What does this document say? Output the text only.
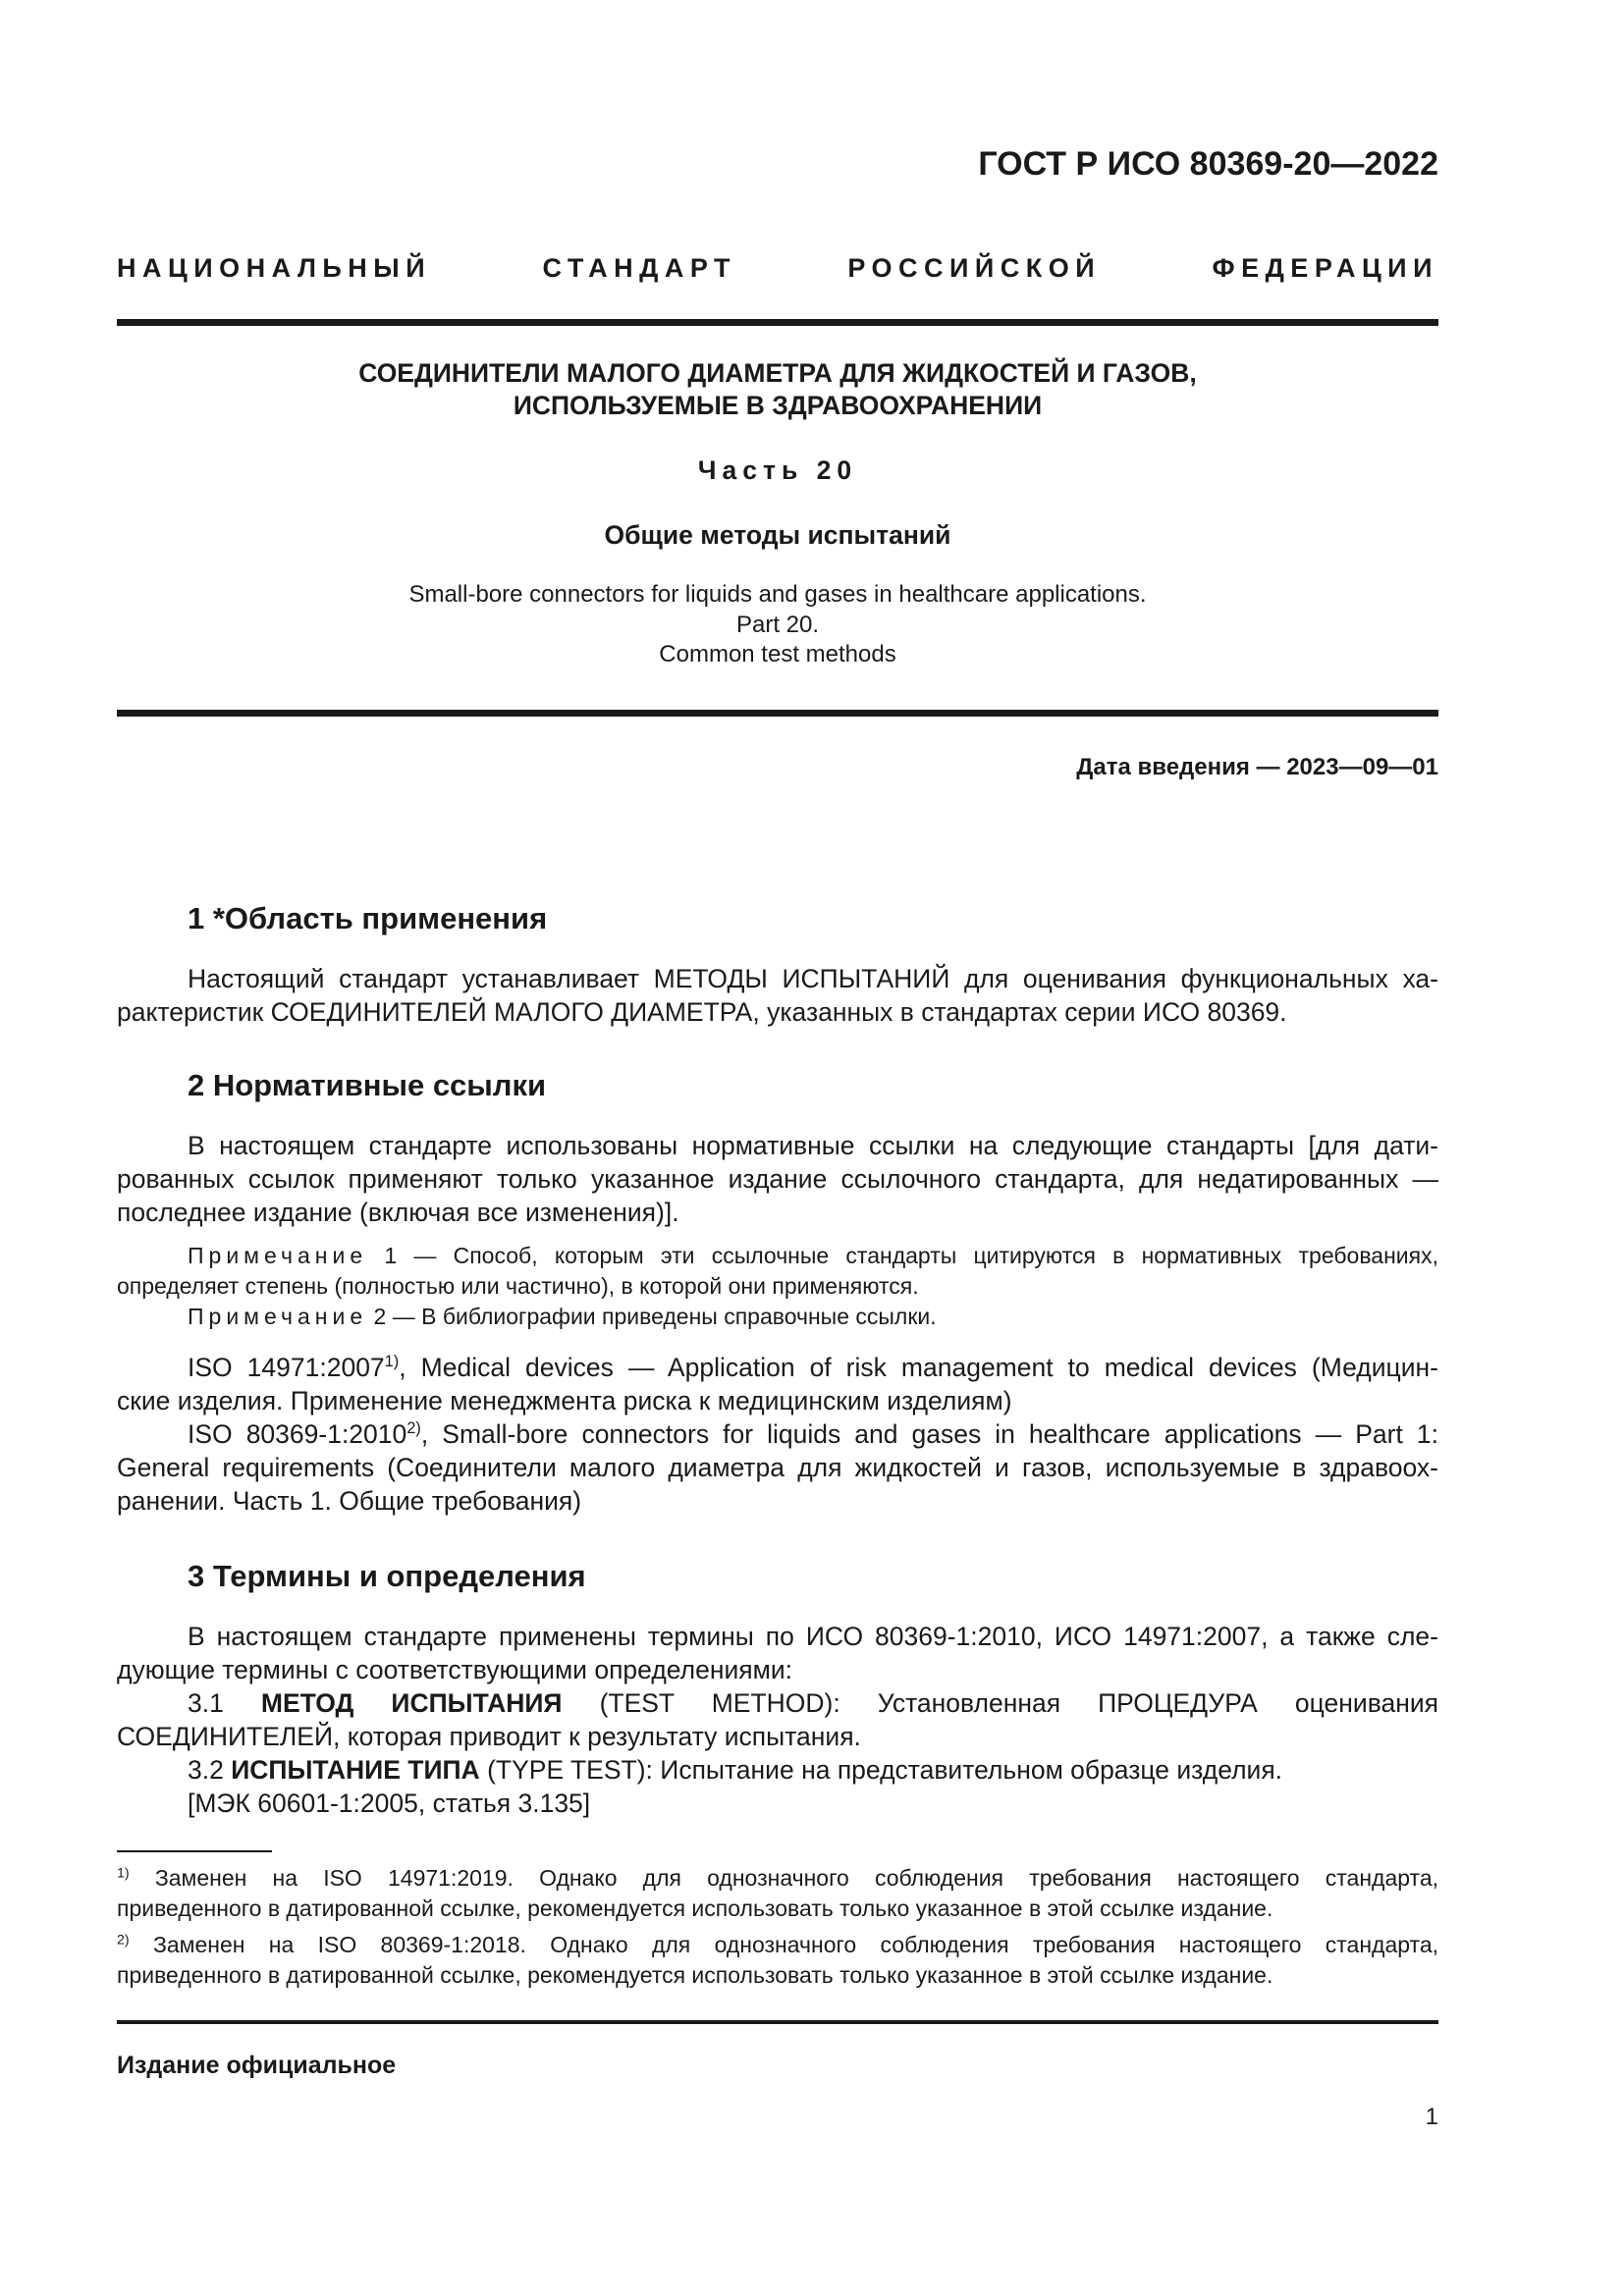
ГОСТ Р ИСО 80369-20—2022
НАЦИОНАЛЬНЫЙ СТАНДАРТ РОССИЙСКОЙ ФЕДЕРАЦИИ
СОЕДИНИТЕЛИ МАЛОГО ДИАМЕТРА ДЛЯ ЖИДКОСТЕЙ И ГАЗОВ,
ИСПОЛЬЗУЕМЫЕ В ЗДРАВООХРАНЕНИИ
Часть 20
Общие методы испытаний
Small-bore connectors for liquids and gases in healthcare applications.
Part 20.
Common test methods
Дата введения — 2023—09—01
1 *Область применения
Настоящий стандарт устанавливает МЕТОДЫ ИСПЫТАНИЙ для оценивания функциональных ха-
рактеристик СОЕДИНИТЕЛЕЙ МАЛОГО ДИАМЕТРА, указанных в стандартах серии ИСО 80369.
2 Нормативные ссылки
В настоящем стандарте использованы нормативные ссылки на следующие стандарты [для дати-
рованных ссылок применяют только указанное издание ссылочного стандарта, для недатированных —
последнее издание (включая все изменения)].
Примечание 1 — Способ, которым эти ссылочные стандарты цитируются в нормативных требованиях,
определяет степень (полностью или частично), в которой они применяются.
Примечание 2 — В библиографии приведены справочные ссылки.
ISO 14971:2007$^{1)}$, Medical devices — Application of risk management to medical devices (Медицин-
ские изделия. Применение менеджмента риска к медицинским изделиям)
ISO 80369-1:2010$^{2)}$, Small-bore connectors for liquids and gases in healthcare applications — Part 1:
General requirements (Соединители малого диаметра для жидкостей и газов, используемые в здравоох-
ранении. Часть 1. Общие требования)
3 Термины и определения
В настоящем стандарте применены термины по ИСО 80369-1:2010, ИСО 14971:2007, а также сле-
дующие термины с соответствующими определениями:
3.1 МЕТОД ИСПЫТАНИЯ (TEST METHOD): Установленная ПРОЦЕДУРА оценивания
СОЕДИНИТЕЛЕЙ, которая приводит к результату испытания.
3.2 ИСПЫТАНИЕ ТИПА (TYPE TEST): Испытание на представительном образце изделия.
[МЭК 60601-1:2005, статья 3.135]
$^{1)}$ Заменен на ISO 14971:2019. Однако для однозначного соблюдения требования настоящего стандарта,
приведенного в датированной ссылке, рекомендуется использовать только указанное в этой ссылке издание.
$^{2)}$ Заменен на ISO 80369-1:2018. Однако для однозначного соблюдения требования настоящего стандарта,
приведенного в датированной ссылке, рекомендуется использовать только указанное в этой ссылке издание.
Издание официальное
1
